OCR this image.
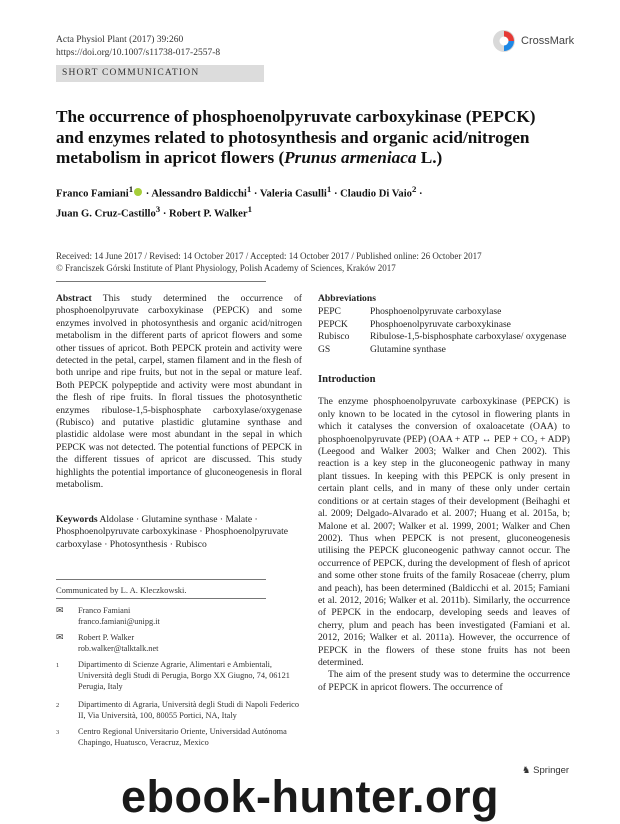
Acta Physiol Plant (2017) 39:260
https://doi.org/10.1007/s11738-017-2557-8
CrossMark
SHORT COMMUNICATION
The occurrence of phosphoenolpyruvate carboxykinase (PEPCK)
and enzymes related to photosynthesis and organic acid/nitrogen
metabolism in apricot flowers (Prunus armeniaca L.)
Franco Famiani$^1$ · Alessandro Baldicchi$^1$ · Valeria Casulli$^1$ · Claudio Di Vaio$^2$ ·
Juan G. Cruz-Castillo$^3$ · Robert P. Walker$^1$
Received: 14 June 2017 / Revised: 14 October 2017 / Accepted: 14 October 2017 / Published online: 26 October 2017
© Franciszek Górski Institute of Plant Physiology, Polish Academy of Sciences, Kraków 2017
Abstract This study determined the occurrence of phosphoenolpyruvate carboxykinase (PEPCK) and some enzymes involved in photosynthesis and organic acid/nitrogen metabolism in the different parts of apricot flowers and some other tissues of apricot. Both PEPCK protein and activity were detected in the petal, carpel, stamen filament and in the flesh of both unripe and ripe fruits, but not in the sepal or mature leaf. Both PEPCK polypeptide and activity were most abundant in the flesh of ripe fruits. In floral tissues the photosynthetic enzymes ribulose-1,5-bisphosphate carboxylase/oxygenase (Rubisco) and putative plastidic glutamine synthase and plastidic aldolase were most abundant in the sepal in which PEPCK was not detected. The potential functions of PEPCK in the different tissues of apricot are discussed. This study highlights the potential importance of gluconeogenesis in floral metabolism.
Keywords Aldolase · Glutamine synthase · Malate · Phosphoenolpyruvate carboxykinase · Phosphoenolpyruvate carboxylase · Photosynthesis · Rubisco
Communicated by L. A. Kleczkowski.
✉	Franco Famiani
franco.famiani@unipg.it
✉	Robert P. Walker
rob.walker@talktalk.net
1	Dipartimento di Scienze Agrarie, Alimentari e Ambientali, Università degli Studi di Perugia, Borgo XX Giugno, 74, 06121 Perugia, Italy
2	Dipartimento di Agraria, Università degli Studi di Napoli Federico II, Via Università, 100, 80055 Portici, NA, Italy
3	Centro Regional Universitario Oriente, Universidad Autónoma Chapingo, Huatusco, Veracruz, Mexico
Abbreviations
PEPC	Phosphoenolpyruvate carboxylase
PEPCK	Phosphoenolpyruvate carboxykinase
Rubisco	Ribulose-1,5-bisphosphate carboxylase/ oxygenase
GS	Glutamine synthase
Introduction

The enzyme phosphoenolpyruvate carboxykinase (PEPCK) is only known to be located in the cytosol in flowering plants in which it catalyses the conversion of oxaloacetate (OAA) to phosphoenolpyruvate (PEP) (OAA + ATP ↔ PEP + CO₂ + ADP) (Leegood and Walker 2003; Walker and Chen 2002). This reaction is a key step in the gluconeogenic pathway in many plant tissues. In keeping with this PEPCK is only present in certain plant cells, and in many of these only under certain conditions or at certain stages of their development (Beihaghi et al. 2009; Delgado-Alvarado et al. 2007; Huang et al. 2015a, b; Malone et al. 2007; Walker et al. 1999, 2001; Walker and Chen 2002). Thus when PEPCK is not present, gluconeogenesis utilising the PEPCK gluconeogenic pathway cannot occur. The occurrence of PEPCK, during the development of flesh of apricot and some other stone fruits of the family Rosaceae (cherry, plum and peach), has been determined (Baldicchi et al. 2015; Famiani et al. 2012, 2016; Walker et al. 2011b). Similarly, the occurrence of PEPCK in the endocarp, developing seeds and leaves of cherry, plum and peach has been investigated (Famiani et al. 2012, 2016; Walker et al. 2011a). However, the occurrence of PEPCK in the flowers of these stone fruits has not been determined.

The aim of the present study was to determine the occurrence of PEPCK in apricot flowers. The occurrence of

♞ Springer
ebook-hunter.org
